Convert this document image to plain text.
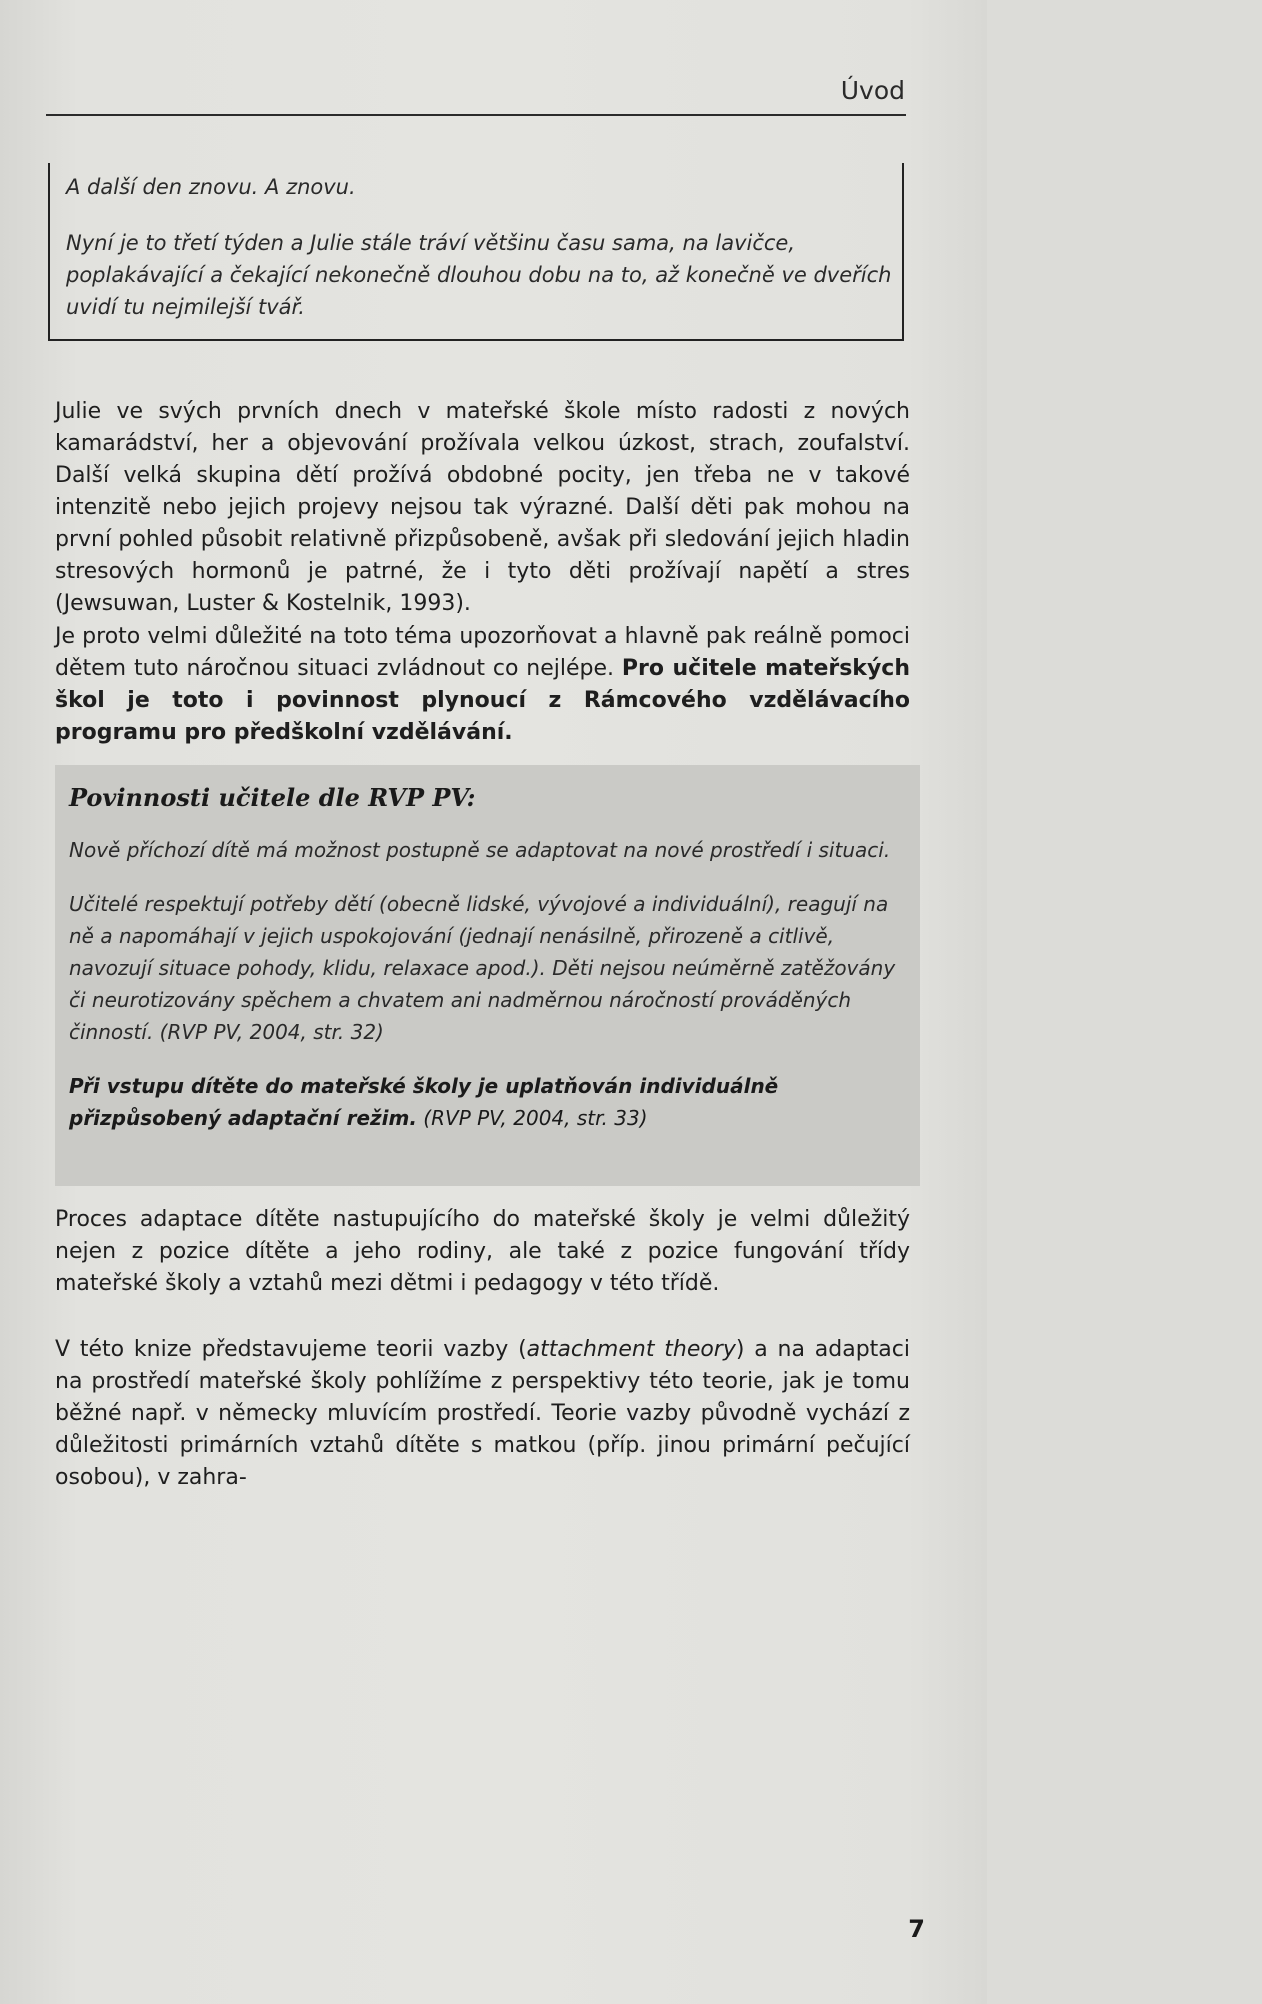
Úvod

A další den znovu. A znovu.

Nyní je to třetí týden a Julie stále tráví většinu času sama, na lavičce, poplakávající a čekající nekonečně dlouhou dobu na to, až konečně ve dveřích uvidí tu nejmilejší tvář.

Julie ve svých prvních dnech v mateřské škole místo radosti z nových kamarádství, her a objevování prožívala velkou úzkost, strach, zoufalství. Další velká skupina dětí prožívá obdobné pocity, jen třeba ne v takové intenzitě nebo jejich projevy nejsou tak výrazné. Další děti pak mohou na první pohled působit relativně přizpůsobeně, avšak při sledování jejich hladin stresových hormonů je patrné, že i tyto děti prožívají napětí a stres (Jewsuwan, Luster & Kostelnik, 1993).

Je proto velmi důležité na toto téma upozorňovat a hlavně pak reálně pomoci dětem tuto náročnou situaci zvládnout co nejlépe. Pro učitele mateřských škol je toto i povinnost plynoucí z Rámcového vzdělávacího programu pro předškolní vzdělávání.

Povinnosti učitele dle RVP PV:

Nově příchozí dítě má možnost postupně se adaptovat na nové prostředí i situaci.

Učitelé respektují potřeby dětí (obecně lidské, vývojové a individuální), reagují na ně a napomáhají v jejich uspokojování (jednají nenásilně, přirozeně a citlivě, navozují situace pohody, klidu, relaxace apod.). Děti nejsou neúměrně zatěžovány či neurotizovány spěchem a chvatem ani nadměrnou náročností prováděných činností. (RVP PV, 2004, str. 32)

Při vstupu dítěte do mateřské školy je uplatňován individuálně přizpůsobený adaptační režim. (RVP PV, 2004, str. 33)

Proces adaptace dítěte nastupujícího do mateřské školy je velmi důležitý nejen z pozice dítěte a jeho rodiny, ale také z pozice fungování třídy mateřské školy a vztahů mezi dětmi i pedagogy v této třídě.

V této knize představujeme teorii vazby (attachment theory) a na adaptaci na prostředí mateřské školy pohlížíme z perspektivy této teorie, jak je tomu běžné např. v německy mluvícím prostředí. Teorie vazby původně vychází z důležitosti primárních vztahů dítěte s matkou (příp. jinou primární pečující osobou), v zahra-

7
